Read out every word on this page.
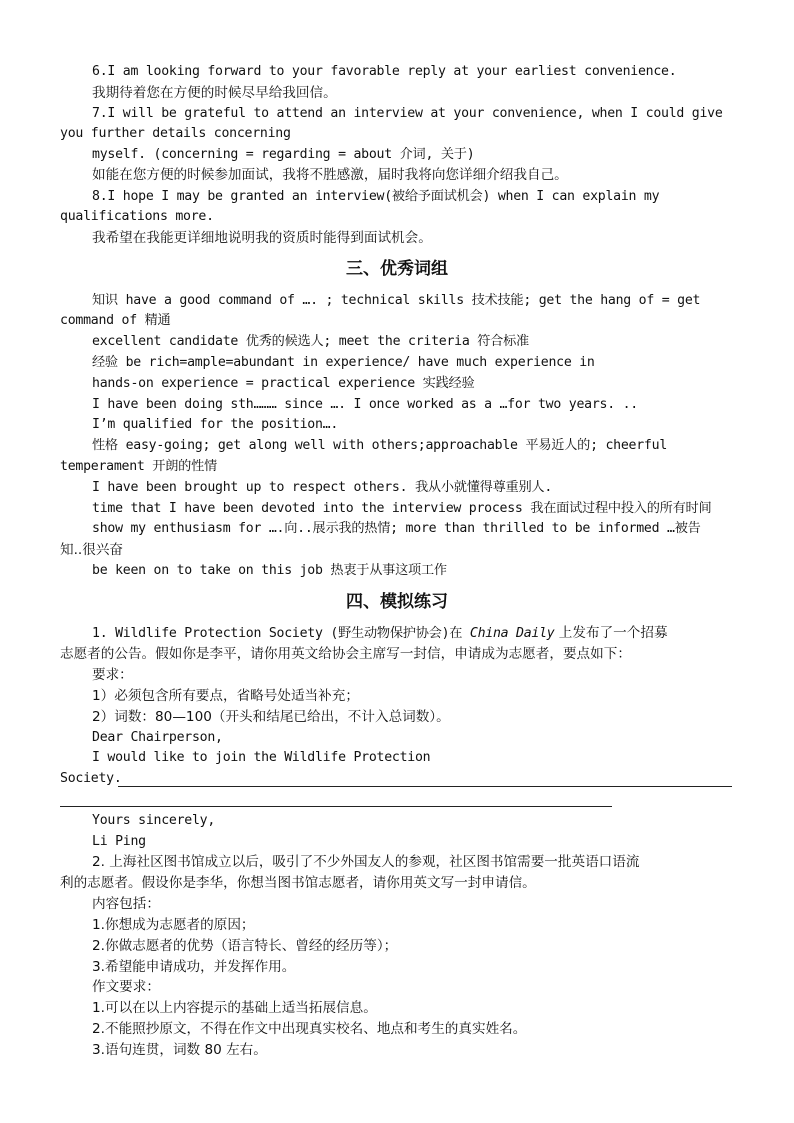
6.I am looking forward to your favorable reply at your earliest convenience.
我期待着您在方便的时候尽早给我回信。
7.I will be grateful to attend an interview at your convenience, when I could give
you further details concerning
myself. (concerning = regarding = about 介词, 关于)
如能在您方便的时候参加面试，我将不胜感激，届时我将向您详细介绍我自己。
8.I hope I may be granted an interview(被给予面试机会) when I can explain my
qualifications more.
我希望在我能更详细地说明我的资质时能得到面试机会。
三、优秀词组
知识 have a good command of …. ; technical skills 技术技能; get the hang of = get
command of 精通
excellent candidate 优秀的候选人; meet the criteria 符合标准
经验 be rich=ample=abundant in experience/ have much experience in
hands-on experience = practical experience 实践经验
I have been doing sth……… since …. I once worked as a …for two years. ..
I’m qualified for the position….
性格 easy-going; get along well with others;approachable 平易近人的; cheerful
temperament 开朗的性情
I have been brought up to respect others. 我从小就懂得尊重别人.
time that I have been devoted into the interview process 我在面试过程中投入的所有时间
show my enthusiasm for ….向..展示我的热情; more than thrilled to be informed …被告
知..很兴奋
be keen on to take on this job 热衷于从事这项工作
四、模拟练习
1. Wildlife Protection Society (野生动物保护协会)在 China Daily 上发布了一个招募
志愿者的公告。假如你是李平，请你用英文给协会主席写一封信，申请成为志愿者，要点如下：
要求：
1）必须包含所有要点，省略号处适当补充；
2）词数：80—100（开头和结尾已给出，不计入总词数）。
Dear Chairperson,
I would like to join the Wildlife Protection
Society.
Yours sincerely,
Li Ping
2. 上海社区图书馆成立以后，吸引了不少外国友人的参观，社区图书馆需要一批英语口语流
利的志愿者。假设你是李华，你想当图书馆志愿者，请你用英文写一封申请信。
内容包括：
1.你想成为志愿者的原因；
2.你做志愿者的优势（语言特长、曾经的经历等）；
3.希望能申请成功，并发挥作用。
作文要求：
1.可以在以上内容提示的基础上适当拓展信息。
2.不能照抄原文，不得在作文中出现真实校名、地点和考生的真实姓名。
3.语句连贯，词数 80 左右。
